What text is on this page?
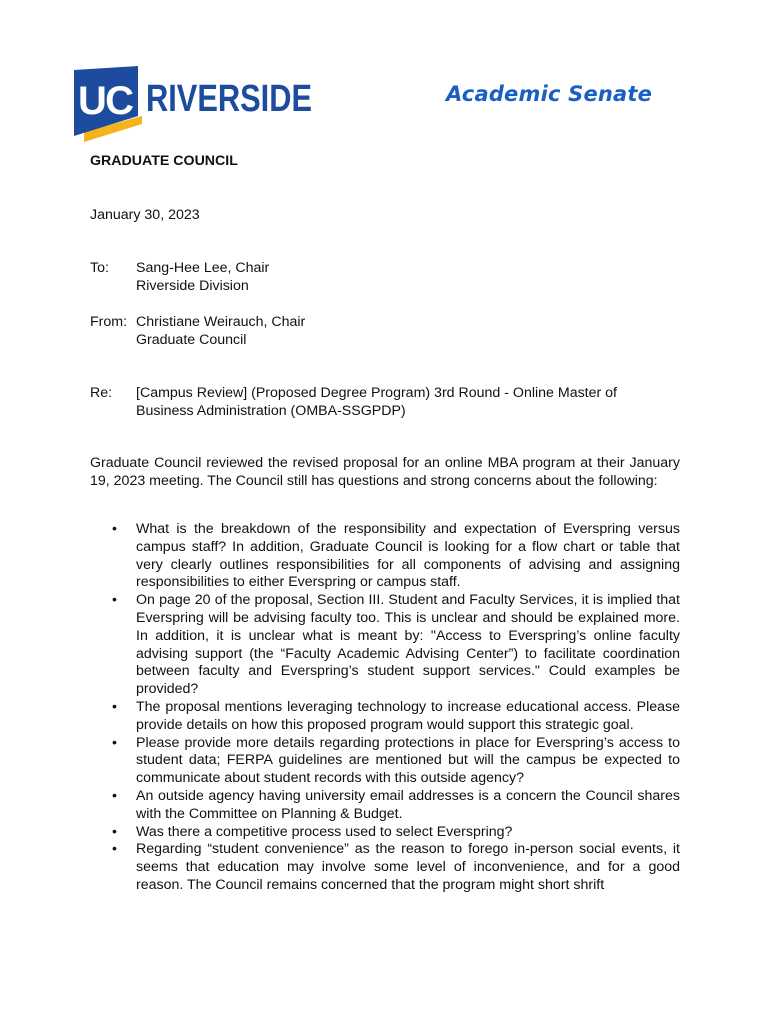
UC RIVERSIDE	Academic Senate
GRADUATE COUNCIL
January 30, 2023
To:	Sang-Hee Lee, Chair
Riverside Division
From: Christiane Weirauch, Chair
Graduate Council
Re:	[Campus Review] (Proposed Degree Program) 3rd Round - Online Master of
Business Administration (OMBA-SSGPDP)
Graduate Council reviewed the revised proposal for an online MBA program at their January 19, 2023 meeting. The Council still has questions and strong concerns about the following:
• What is the breakdown of the responsibility and expectation of Everspring versus campus staff? In addition, Graduate Council is looking for a flow chart or table that very clearly outlines responsibilities for all components of advising and assigning responsibilities to either Everspring or campus staff.
• On page 20 of the proposal, Section III. Student and Faculty Services, it is implied that Everspring will be advising faculty too. This is unclear and should be explained more. In addition, it is unclear what is meant by: "Access to Everspring’s online faculty advising support (the “Faculty Academic Advising Center”) to facilitate coordination between faculty and Everspring’s student support services." Could examples be provided?
• The proposal mentions leveraging technology to increase educational access. Please provide details on how this proposed program would support this strategic goal.
• Please provide more details regarding protections in place for Everspring’s access to student data; FERPA guidelines are mentioned but will the campus be expected to communicate about student records with this outside agency?
• An outside agency having university email addresses is a concern the Council shares with the Committee on Planning & Budget.
• Was there a competitive process used to select Everspring?
• Regarding “student convenience” as the reason to forego in-person social events, it seems that education may involve some level of inconvenience, and for a good reason. The Council remains concerned that the program might short shrift
